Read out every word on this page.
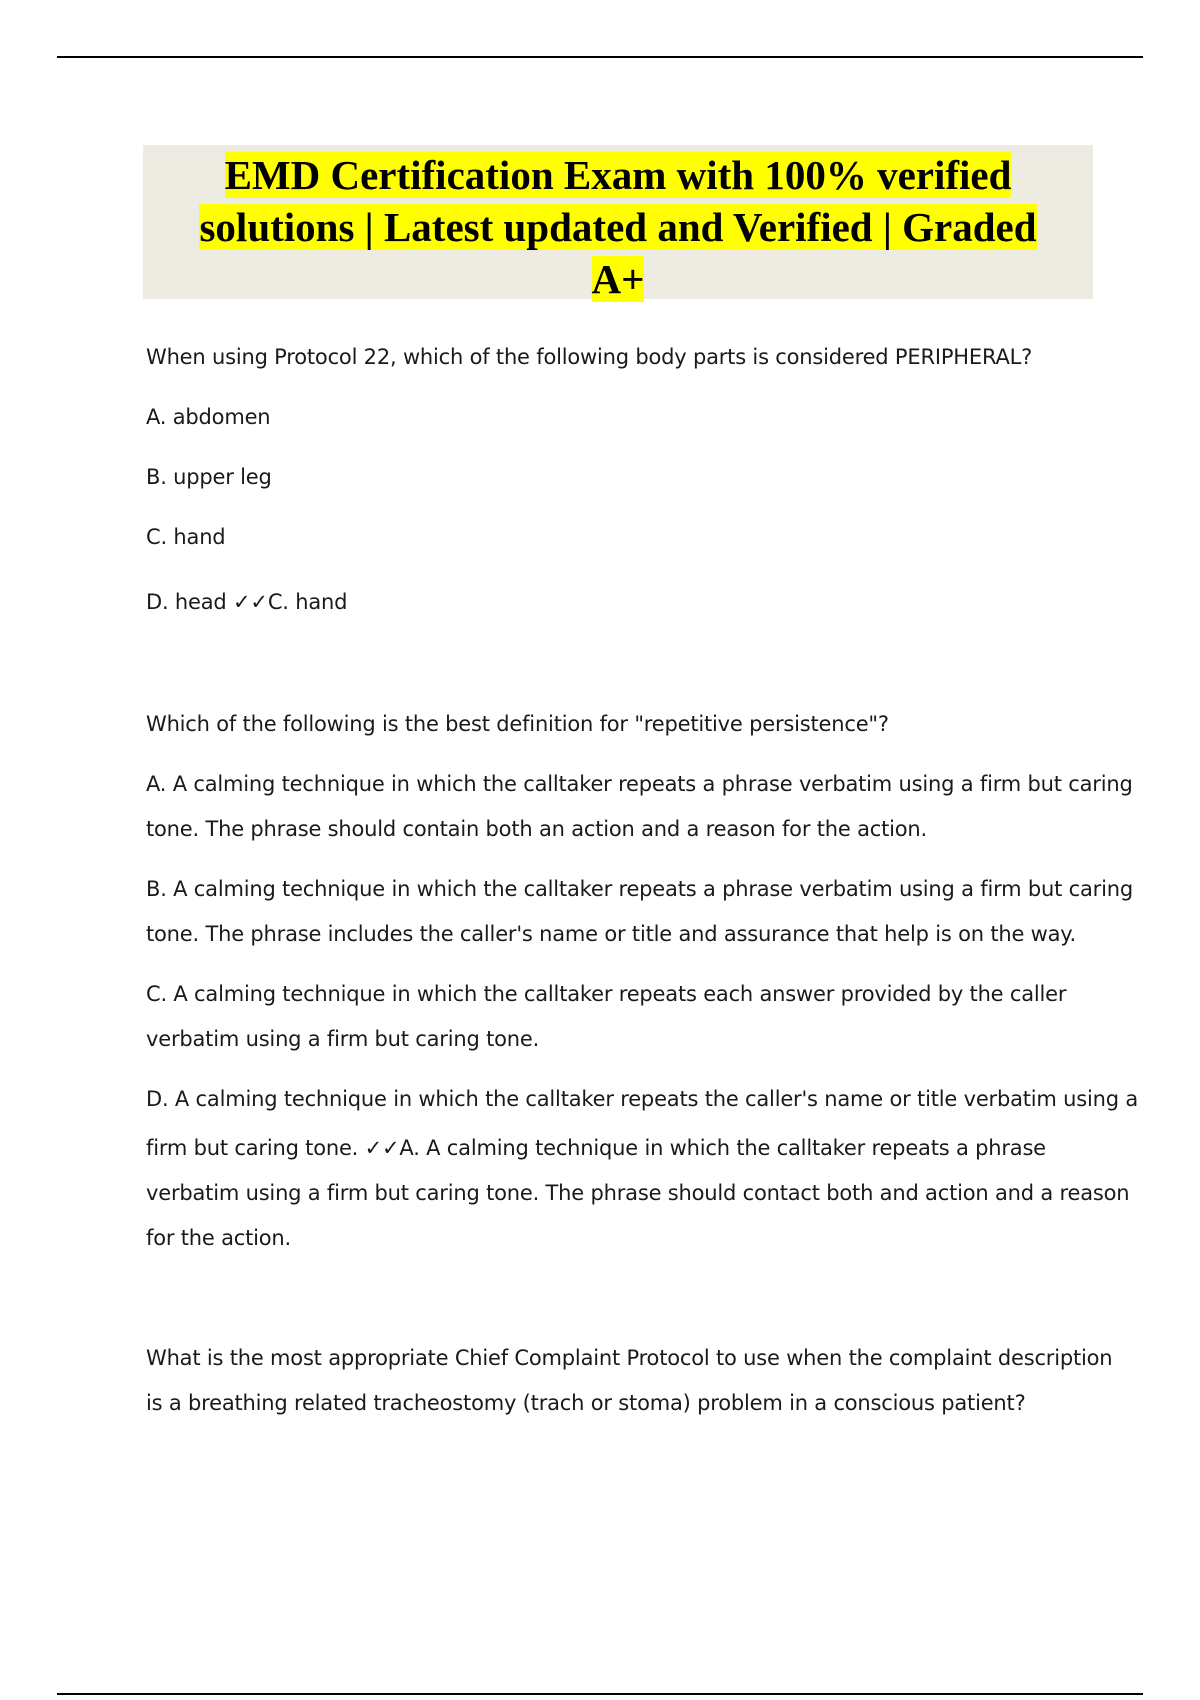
EMD Certification Exam with 100% verified
solutions | Latest updated and Verified | Graded
A+

When using Protocol 22, which of the following body parts is considered PERIPHERAL?
A. abdomen
B. upper leg
C. hand
D. head ✓✓C. hand
Which of the following is the best definition for "repetitive persistence"?
A. A calming technique in which the calltaker repeats a phrase verbatim using a firm but caring
tone. The phrase should contain both an action and a reason for the action.
B. A calming technique in which the calltaker repeats a phrase verbatim using a firm but caring
tone. The phrase includes the caller's name or title and assurance that help is on the way.
C. A calming technique in which the calltaker repeats each answer provided by the caller
verbatim using a firm but caring tone.
D. A calming technique in which the calltaker repeats the caller's name or title verbatim using a
firm but caring tone. ✓✓A. A calming technique in which the calltaker repeats a phrase
verbatim using a firm but caring tone. The phrase should contact both and action and a reason
for the action.
What is the most appropriate Chief Complaint Protocol to use when the complaint description
is a breathing related tracheostomy (trach or stoma) problem in a conscious patient?
